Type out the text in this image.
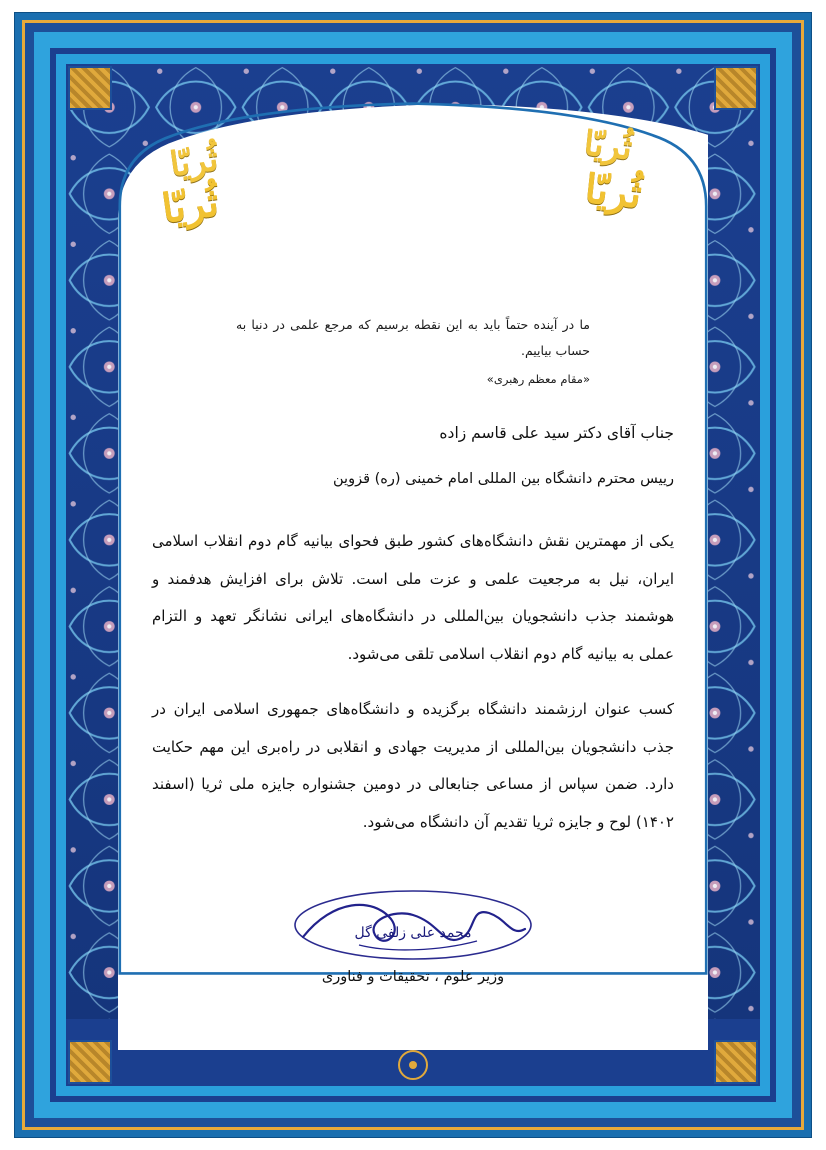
ثُریّا
ثُریّا
ثُریّا
ثُریّا
ما در آینده حتماً باید به این نقطه برسیم که مرجع علمی در دنیا به حساب بیاییم.
«مقام معظم رهبری»

جناب آقای دکتر سید علی قاسم زاده

رییس محترم دانشگاه بین المللی امام خمینی (ره) قزوین

یکی از مهمترین نقش دانشگاه‌های کشور طبق فحوای بیانیه گام دوم انقلاب اسلامی ایران، نیل به مرجعیت علمی و عزت ملی است. تلاش برای افزایش هدفمند و هوشمند جذب دانشجویان بین‌المللی در دانشگاه‌های ایرانی نشانگر تعهد و التزام عملی به بیانیه گام دوم انقلاب اسلامی تلقی می‌شود.

کسب عنوان ارزشمند دانشگاه برگزیده و دانشگاه‌های جمهوری اسلامی ایران در جذب دانشجویان بین‌المللی از مدیریت جهادی و انقلابی در راه‌بری این مهم حکایت دارد. ضمن سپاس از مساعی جنابعالی در دومین جشنواره جایزه ملی ثریا (اسفند ۱۴۰۲) لوح و جایزه ثریا تقدیم آن دانشگاه می‌شود.

محمد علی زلفی گل
وزیر علوم ، تحقیقات و فناوری
